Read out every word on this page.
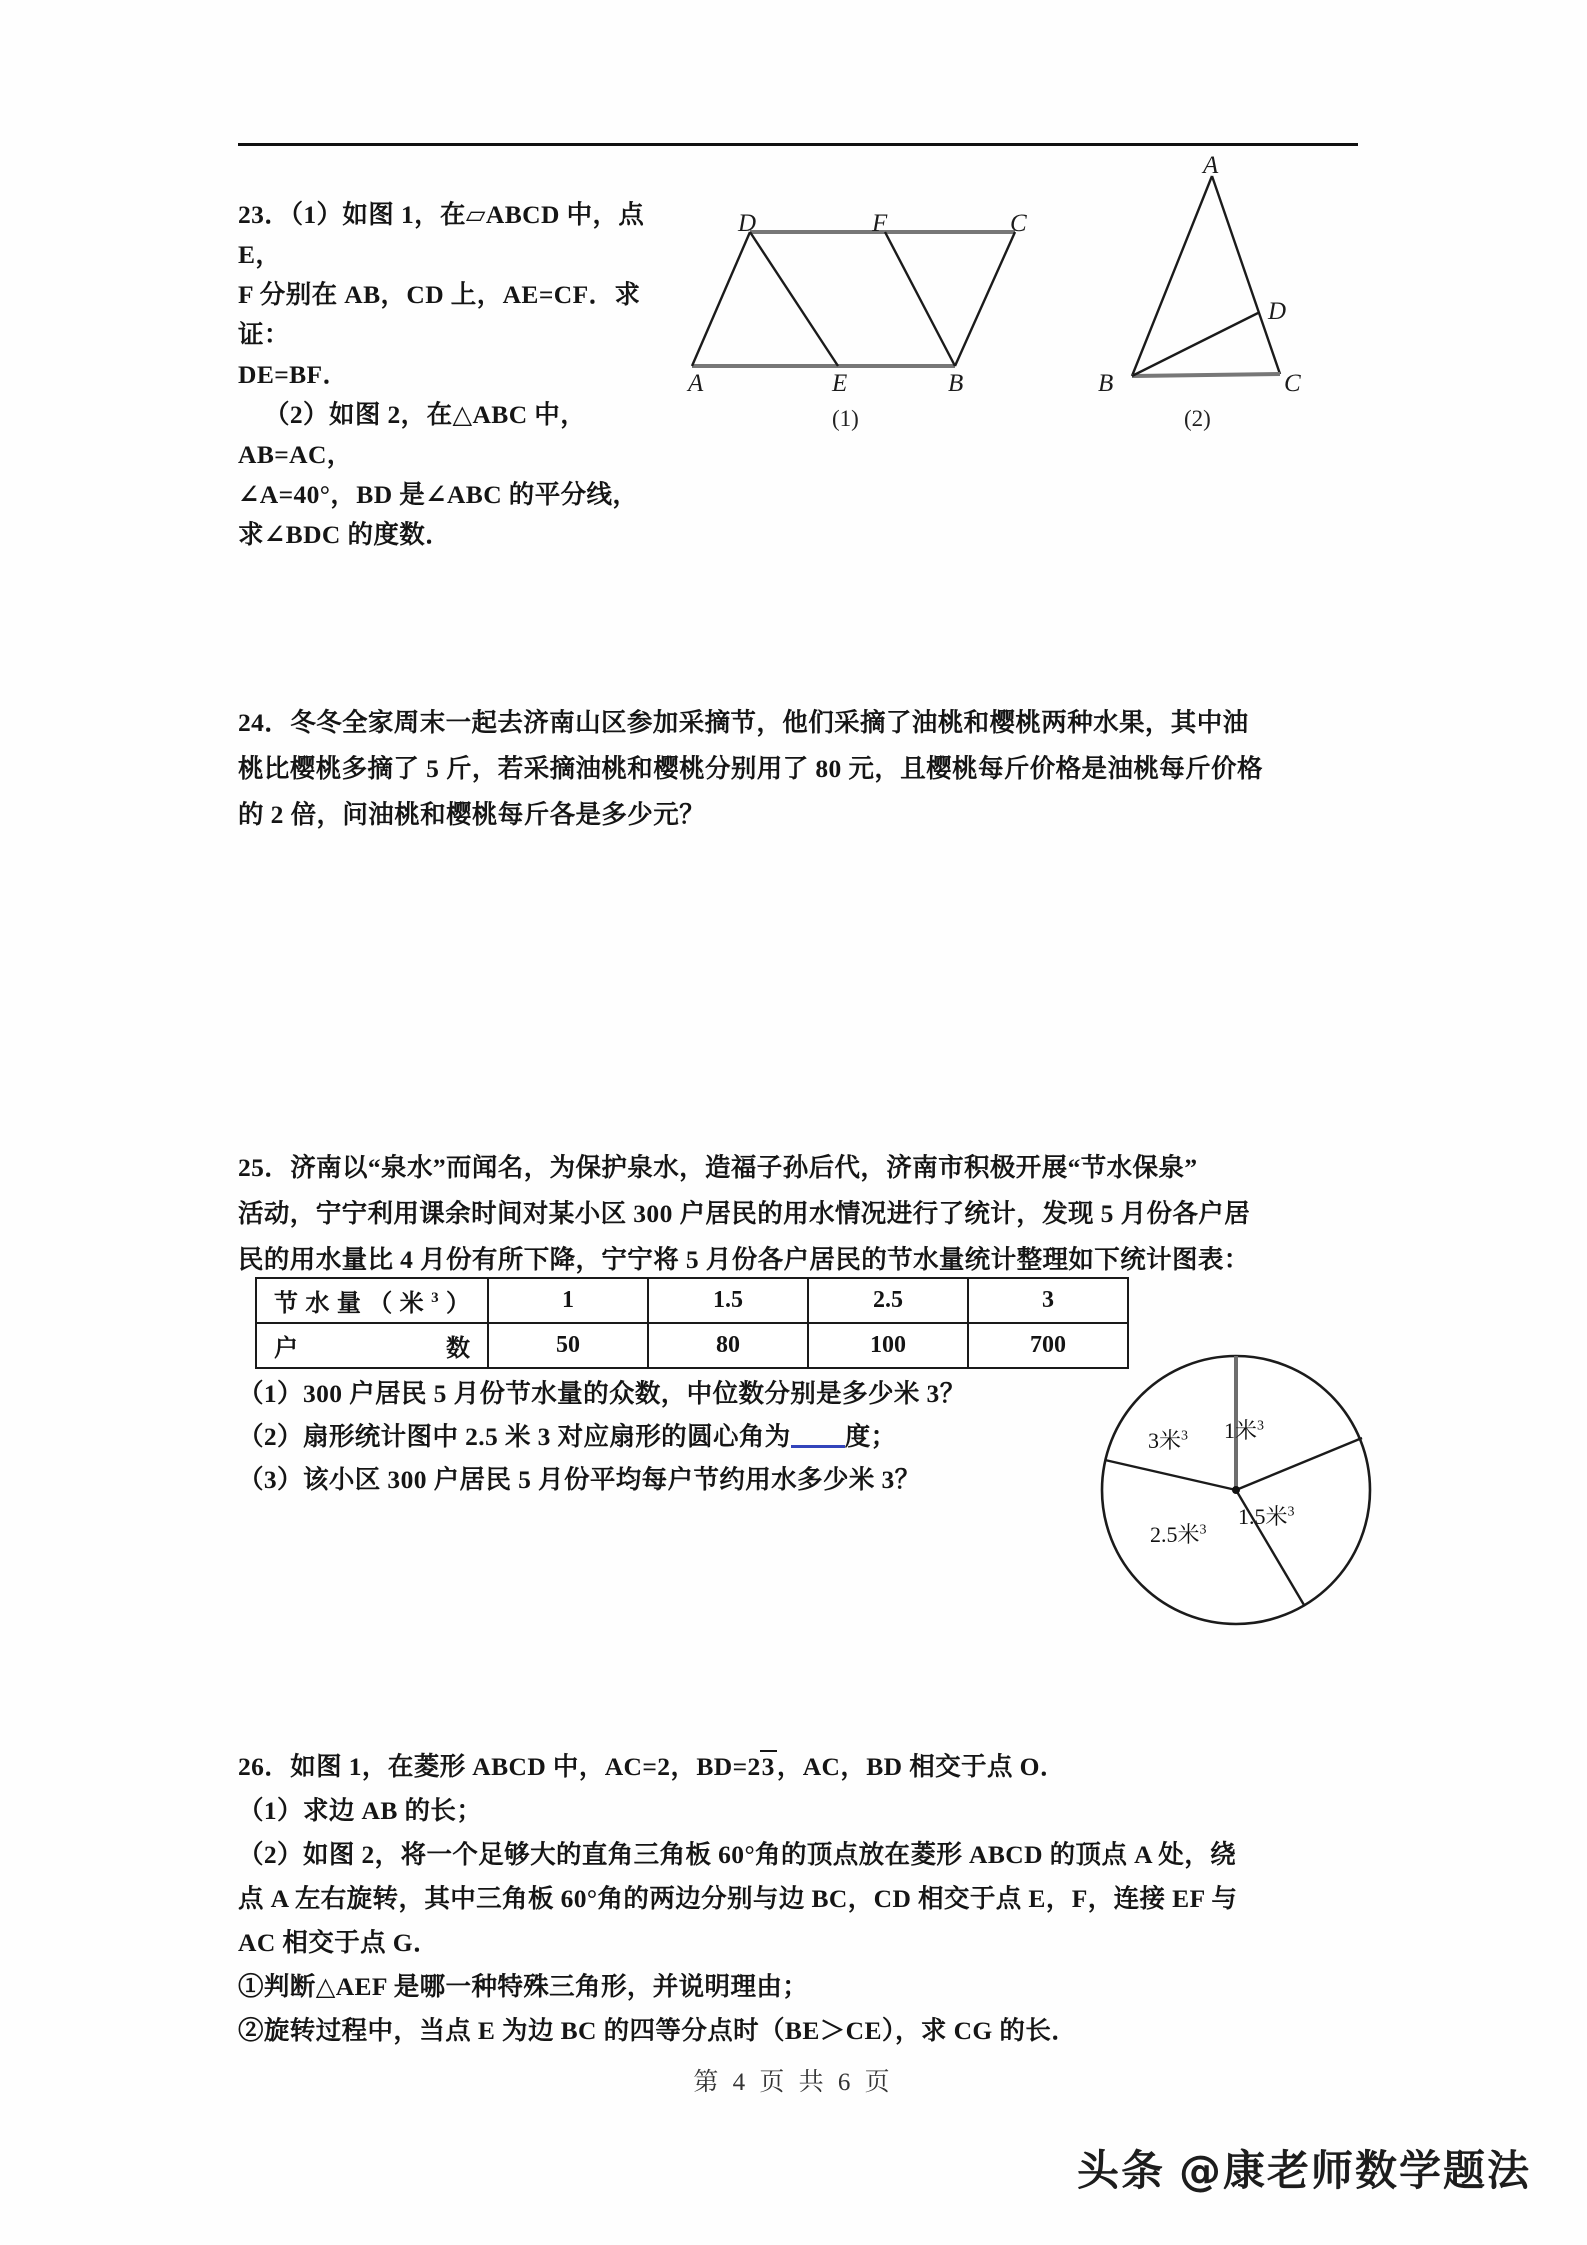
23．（1）如图 1，在▱ABCD 中，点 E，
F 分别在 AB，CD 上，AE=CF．求证：
DE=BF．
（2）如图 2，在△ABC 中，AB=AC，
∠A=40°，BD 是∠ABC 的平分线，
求∠BDC 的度数．
D	F	C
A	E	B
(1)
A
D
B	C
(2)
24．冬冬全家周末一起去济南山区参加采摘节，他们采摘了油桃和樱桃两种水果，其中油
桃比樱桃多摘了 5 斤，若采摘油桃和樱桃分别用了 80 元，且樱桃每斤价格是油桃每斤价格
的 2 倍，问油桃和樱桃每斤各是多少元？
25．济南以“泉水”而闻名，为保护泉水，造福子孙后代，济南市积极开展“节水保泉”
活动，宁宁利用课余时间对某小区 300 户居民的用水情况进行了统计，发现 5 月份各户居
民的用水量比 4 月份有所下降，宁宁将 5 月份各户居民的节水量统计整理如下统计图表：
节水量（米$^3$）	1	1.5	2.5	3
户数	50	80	100	700
（1）300 户居民 5 月份节水量的众数，中位数分别是多少米 3？
（2）扇形统计图中 2.5 米 3 对应扇形的圆心角为 度；
（3）该小区 300 户居民 5 月份平均每户节约用水多少米 3？
1米$^3$
1.5米$^3$
2.5米$^3$
3米$^3$
26．如图 1，在菱形 ABCD 中，AC=2，BD=23，AC，BD 相交于点 O．
（1）求边 AB 的长；
（2）如图 2，将一个足够大的直角三角板 60°角的顶点放在菱形 ABCD 的顶点 A 处，绕
点 A 左右旋转，其中三角板 60°角的两边分别与边 BC，CD 相交于点 E，F，连接 EF 与
AC 相交于点 G．
①判断△AEF 是哪一种特殊三角形，并说明理由；
②旋转过程中，当点 E 为边 BC 的四等分点时（BE＞CE），求 CG 的长．
第 4 页 共 6 页
头条 @康老师数学题法
